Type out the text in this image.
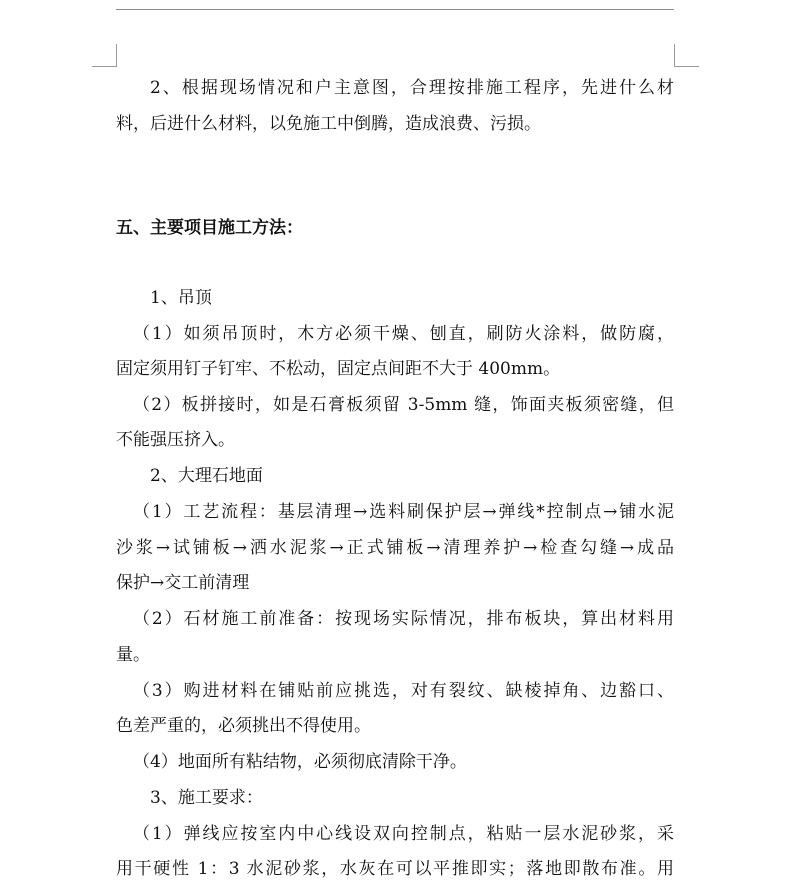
2、根据现场情况和户主意图，合理按排施工程序，先进什么材
料，后进什么材料，以免施工中倒腾，造成浪费、污损。
五、主要项目施工方法：
1、吊顶
（1）如须吊顶时，木方必须干燥、刨直，刷防火涂料，做防腐，
固定须用钉子钉牢、不松动，固定点间距不大于 400mm。
（2）板拼接时，如是石膏板须留 3-5mm 缝，饰面夹板须密缝，但
不能强压挤入。
2、大理石地面
（1）工艺流程：基层清理→选料刷保护层→弹线*控制点→铺水泥
沙浆→试铺板→洒水泥浆→正式铺板→清理养护→检查勾缝→成品
保护→交工前清理
（2）石材施工前准备：按现场实际情况，排布板块，算出材料用
量。
（3）购进材料在铺贴前应挑选，对有裂纹、缺棱掉角、边豁口、
色差严重的，必须挑出不得使用。
（4）地面所有粘结物，必须彻底清除干净。
3、施工要求：
（1）弹线应按室内中心线设双向控制点，粘贴一层水泥砂浆，采
用干硬性 1：3 水泥砂浆，水灰在可以平推即实；落地即散布准。用
